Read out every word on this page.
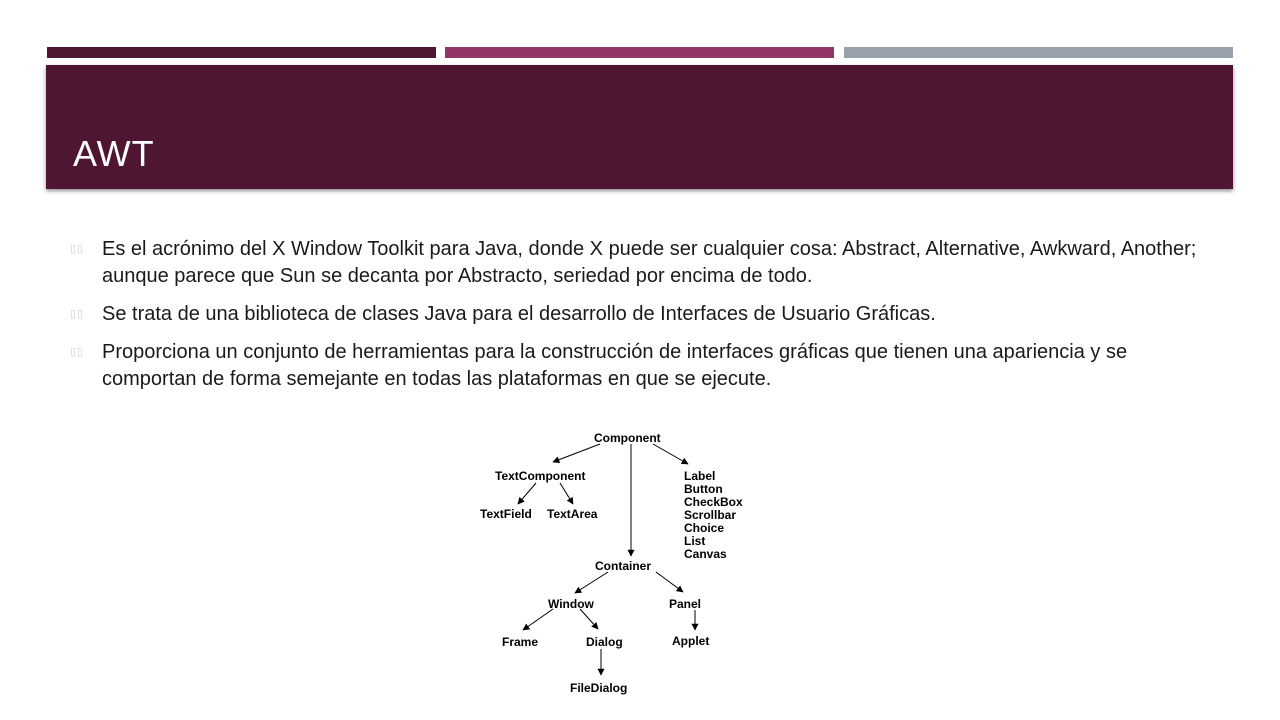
AWT
▯▯ Es el acrónimo del X Window Toolkit para Java, donde X puede ser cualquier cosa: Abstract, Alternative, Awkward, Another; aunque parece que Sun se decanta por Abstracto, seriedad por encima de todo.
▯▯ Se trata de una biblioteca de clases Java para el desarrollo de Interfaces de Usuario Gráficas.
▯▯ Proporciona un conjunto de herramientas para la construcción de interfaces gráficas que tienen una apariencia y se comportan de forma semejante en todas las plataformas en que se ejecute.
Component
TextComponent
TextField TextArea
Label
Button
CheckBox
Scrollbar
Choice
List
Canvas
Container
Window	Panel
Frame	Dialog	Applet
FileDialog
